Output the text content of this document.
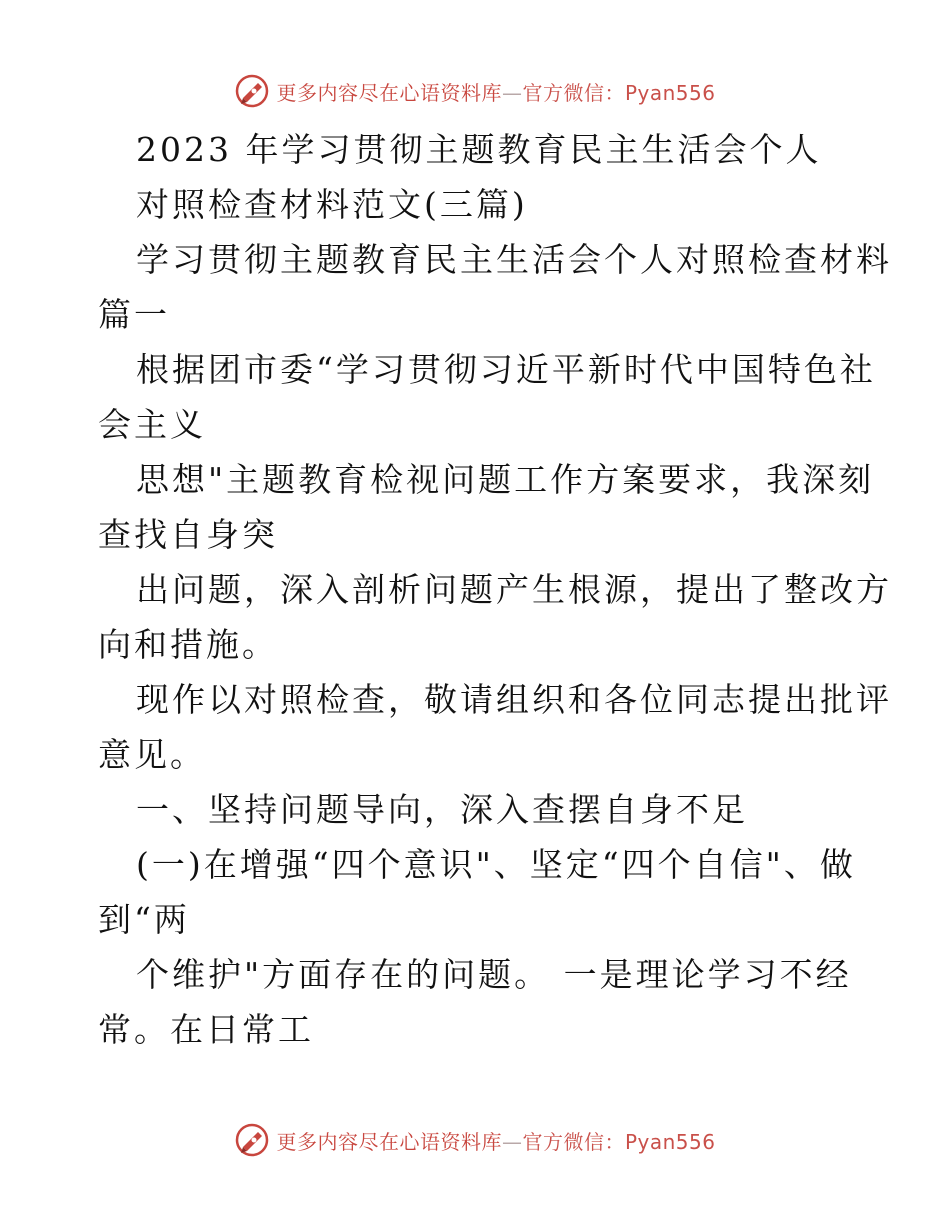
更多内容尽在心语资料库—官方微信：Pyan556
2023 年学习贯彻主题教育民主生活会个人
对照检查材料范文(三篇)
学习贯彻主题教育民主生活会个人对照检查材料
篇一
根据团市委“学习贯彻习近平新时代中国特色社
会主义
思想"主题教育检视问题工作方案要求，我深刻
查找自身突
出问题，深入剖析问题产生根源，提出了整改方
向和措施。
现作以对照检查，敬请组织和各位同志提出批评
意见。
一、坚持问题导向，深入查摆自身不足
(一)在增强“四个意识"、坚定“四个自信"、做
到“两
个维护"方面存在的问题。 一是理论学习不经
常。在日常工
更多内容尽在心语资料库—官方微信：Pyan556
